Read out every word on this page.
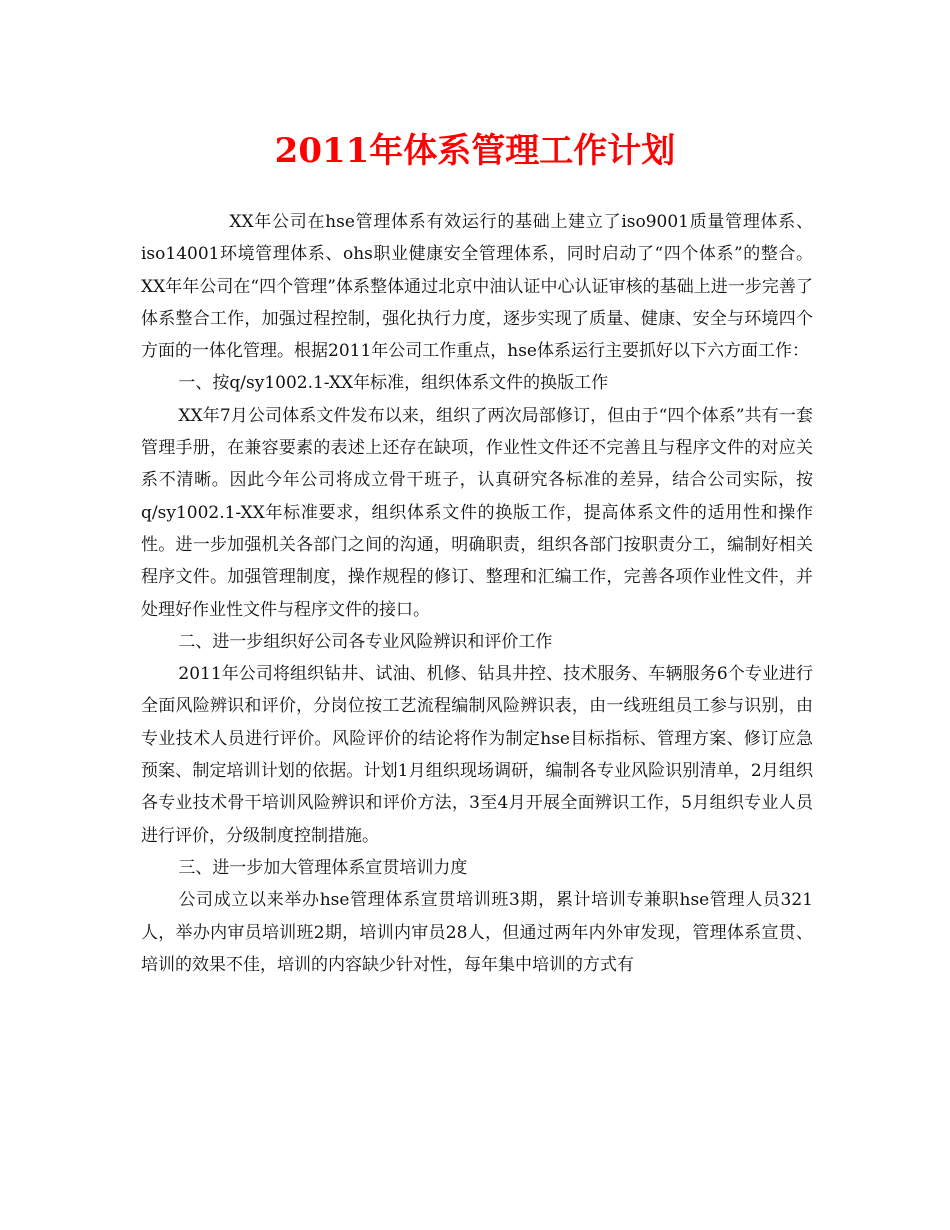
2011年体系管理工作计划

XX年公司在hse管理体系有效运行的基础上建立了iso9001质量管理体系、iso14001环境管理体系、ohs职业健康安全管理体系，同时启动了“四个体系”的整合。XX年年公司在“四个管理”体系整体通过北京中油认证中心认证审核的基础上进一步完善了体系整合工作，加强过程控制，强化执行力度，逐步实现了质量、健康、安全与环境四个方面的一体化管理。根据2011年公司工作重点，hse体系运行主要抓好以下六方面工作：

一、按q/sy1002.1-XX年标准，组织体系文件的换版工作

XX年7月公司体系文件发布以来，组织了两次局部修订，但由于“四个体系”共有一套管理手册，在兼容要素的表述上还存在缺项，作业性文件还不完善且与程序文件的对应关系不清晰。因此今年公司将成立骨干班子，认真研究各标准的差异，结合公司实际，按q/sy1002.1-XX年标准要求，组织体系文件的换版工作，提高体系文件的适用性和操作性。进一步加强机关各部门之间的沟通，明确职责，组织各部门按职责分工，编制好相关程序文件。加强管理制度，操作规程的修订、整理和汇编工作，完善各项作业性文件，并处理好作业性文件与程序文件的接口。

二、进一步组织好公司各专业风险辨识和评价工作

2011年公司将组织钻井、试油、机修、钻具井控、技术服务、车辆服务6个专业进行全面风险辨识和评价，分岗位按工艺流程编制风险辨识表，由一线班组员工参与识别，由专业技术人员进行评价。风险评价的结论将作为制定hse目标指标、管理方案、修订应急预案、制定培训计划的依据。计划1月组织现场调研，编制各专业风险识别清单，2月组织各专业技术骨干培训风险辨识和评价方法，3至4月开展全面辨识工作，5月组织专业人员进行评价，分级制度控制措施。

三、进一步加大管理体系宣贯培训力度

公司成立以来举办hse管理体系宣贯培训班3期，累计培训专兼职hse管理人员321人，举办内审员培训班2期，培训内审员28人，但通过两年内外审发现，管理体系宣贯、培训的效果不佳，培训的内容缺少针对性，每年集中培训的方式有
